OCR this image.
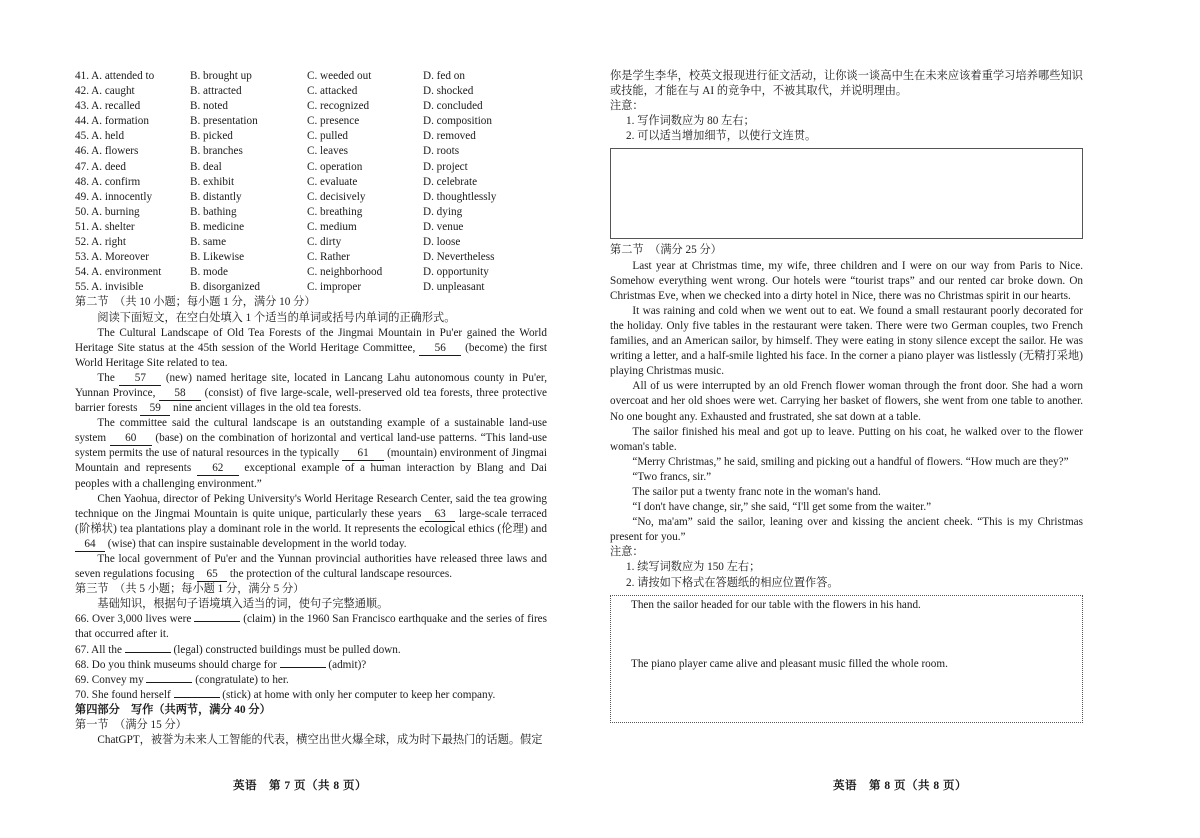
41. A. attended to	B. brought up	C. weeded out	D. fed on
42. A. caught	B. attracted	C. attacked	D. shocked
43. A. recalled	B. noted	C. recognized	D. concluded
44. A. formation	B. presentation	C. presence	D. composition
45. A. held	B. picked	C. pulled	D. removed
46. A. flowers	B. branches	C. leaves	D. roots
47. A. deed	B. deal	C. operation	D. project
48. A. confirm	B. exhibit	C. evaluate	D. celebrate
49. A. innocently	B. distantly	C. decisively	D. thoughtlessly
50. A. burning	B. bathing	C. breathing	D. dying
51. A. shelter	B. medicine	C. medium	D. venue
52. A. right	B. same	C. dirty	D. loose
53. A. Moreover	B. Likewise	C. Rather	D. Nevertheless
54. A. environment	B. mode	C. neighborhood	D. opportunity
55. A. invisible	B. disorganized	C. improper	D. unpleasant

第二节　（共 10 小题；每小题 1 分，满分 10 分）

阅读下面短文，在空白处填入 1 个适当的单词或括号内单词的正确形式。

The Cultural Landscape of Old Tea Forests of the Jingmai Mountain in Pu'er gained the World Heritage Site status at the 45th session of the World Heritage Committee, 56 (become) the first World Heritage Site related to tea.

The 57 (new) named heritage site, located in Lancang Lahu autonomous county in Pu'er, Yunnan Province, 58 (consist) of five large-scale, well-preserved old tea forests, three protective barrier forests 59 nine ancient villages in the old tea forests.

The committee said the cultural landscape is an outstanding example of a sustainable land-use system 60 (base) on the combination of horizontal and vertical land-use patterns. “This land-use system permits the use of natural resources in the typically 61 (mountain) environment of Jingmai Mountain and represents 62 exceptional example of a human interaction by Blang and Dai peoples with a challenging environment.”

Chen Yaohua, director of Peking University's World Heritage Research Center, said the tea growing technique on the Jingmai Mountain is quite unique, particularly these years 63 large-scale terraced (阶梯状) tea plantations play a dominant role in the world. It represents the ecological ethics (伦理) and 64 (wise) that can inspire sustainable development in the world today.

The local government of Pu'er and the Yunnan provincial authorities have released three laws and seven regulations focusing 65 the protection of the cultural landscape resources.

第三节　（共 5 小题；每小题 1 分，满分 5 分）

基础知识，根据句子语境填入适当的词，使句子完整通顺。

66. Over 3,000 lives were	(claim) in the 1960 San Francisco earthquake and the series of fires that occurred after it.

67. All the	(legal) constructed buildings must be pulled down.

68. Do you think museums should charge for	(admit)?

69. Convey my	(congratulate) to her.

70. She found herself	(stick) at home with only her computer to keep her company.

第四部分　写作（共两节，满分 40 分）

第一节　（满分 15 分）

ChatGPT，被誉为未来人工智能的代表，横空出世火爆全球，成为时下最热门的话题。假定

英语　第 7 页（共 8 页）

你是学生李华，校英文报现进行征文活动，让你谈一谈高中生在未来应该着重学习培养哪些知识或技能，才能在与 AI 的竞争中，不被其取代，并说明理由。

注意：

1. 写作词数应为 80 左右；

2. 可以适当增加细节，以使行文连贯。

第二节　（满分 25 分）

Last year at Christmas time, my wife, three children and I were on our way from Paris to Nice. Somehow everything went wrong. Our hotels were “tourist traps” and our rented car broke down. On Christmas Eve, when we checked into a dirty hotel in Nice, there was no Christmas spirit in our hearts.

It was raining and cold when we went out to eat. We found a small restaurant poorly decorated for the holiday. Only five tables in the restaurant were taken. There were two German couples, two French families, and an American sailor, by himself. They were eating in stony silence except the sailor. He was writing a letter, and a half-smile lighted his face. In the corner a piano player was listlessly (无精打采地) playing Christmas music.

All of us were interrupted by an old French flower woman through the front door. She had a worn overcoat and her old shoes were wet. Carrying her basket of flowers, she went from one table to another. No one bought any. Exhausted and frustrated, she sat down at a table.

The sailor finished his meal and got up to leave. Putting on his coat, he walked over to the flower woman's table.

“Merry Christmas,” he said, smiling and picking out a handful of flowers. “How much are they?”

“Two francs, sir.”

The sailor put a twenty franc note in the woman's hand.

“I don't have change, sir,” she said, “I'll get some from the waiter.”

“No, ma'am” said the sailor, leaning over and kissing the ancient cheek. “This is my Christmas present for you.”

注意：

1. 续写词数应为 150 左右；

2. 请按如下格式在答题纸的相应位置作答。

Then the sailor headed for our table with the flowers in his hand.

The piano player came alive and pleasant music filled the whole room.

英语　第 8 页（共 8 页）
